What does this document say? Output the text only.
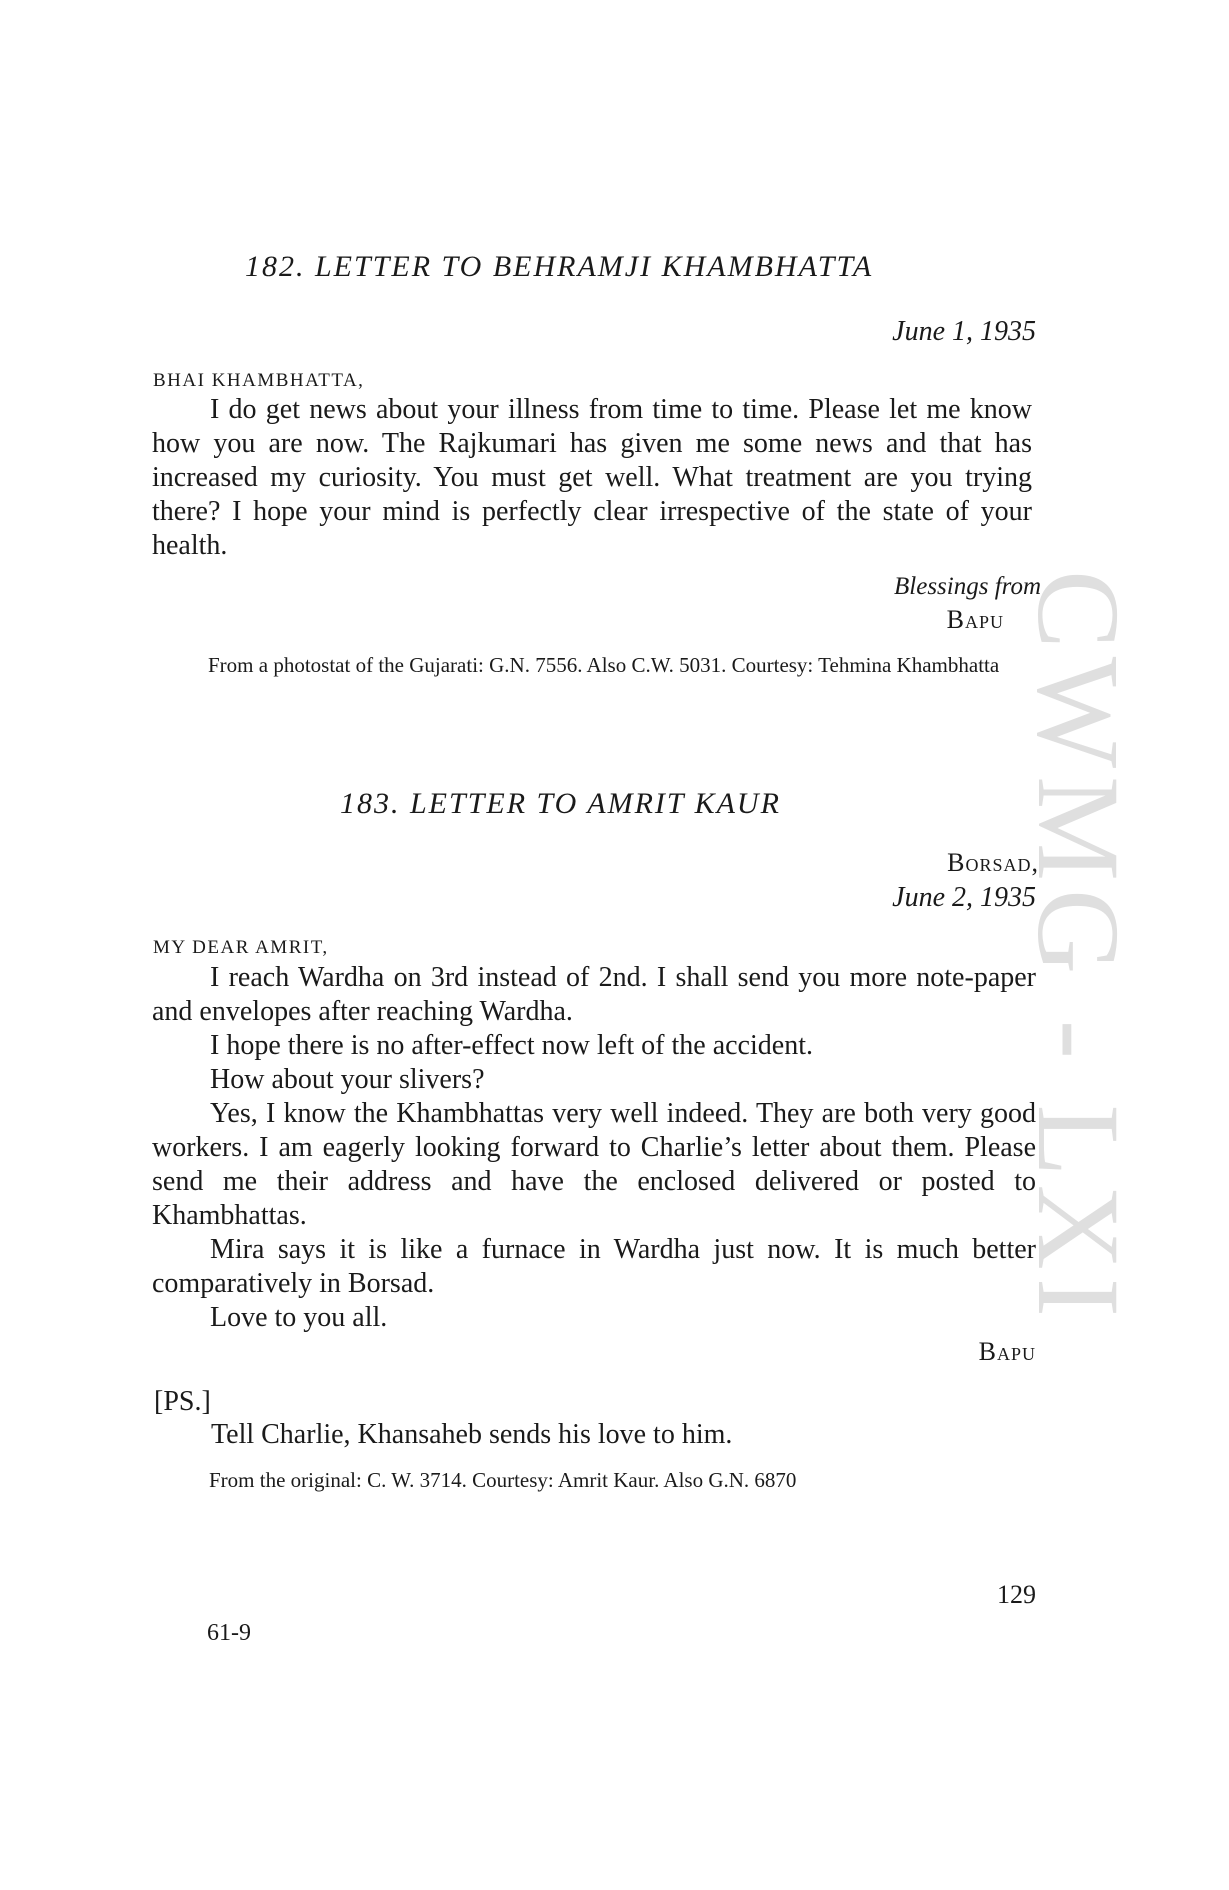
CWMG - LXI
182. LETTER TO BEHRAMJI KHAMBHATTA
June 1, 1935
BHAI KHAMBHATTA,
I do get news about your illness from time to time. Please let me know how you are now. The Rajkumari has given me some news and that has increased my curiosity. You must get well. What treatment are you trying there? I hope your mind is perfectly clear irrespective of the state of your health.
Blessings from
Bapu
From a photostat of the Gujarati: G.N. 7556. Also C.W. 5031. Courtesy: Tehmina Khambhatta
183. LETTER TO AMRIT KAUR
Borsad,
June 2, 1935
MY DEAR AMRIT,
I reach Wardha on 3rd instead of 2nd. I shall send you more note-paper and envelopes after reaching Wardha.
I hope there is no after-effect now left of the accident.
How about your slivers?
Yes, I know the Khambhattas very well indeed. They are both very good workers. I am eagerly looking forward to Charlie’s letter about them. Please send me their address and have the enclosed delivered or posted to Khambhattas.
Mira says it is like a furnace in Wardha just now. It is much better comparatively in Borsad.
Love to you all.
Bapu
[PS.]
Tell Charlie, Khansaheb sends his love to him.
From the original: C. W. 3714. Courtesy: Amrit Kaur. Also G.N. 6870
129
61-9
